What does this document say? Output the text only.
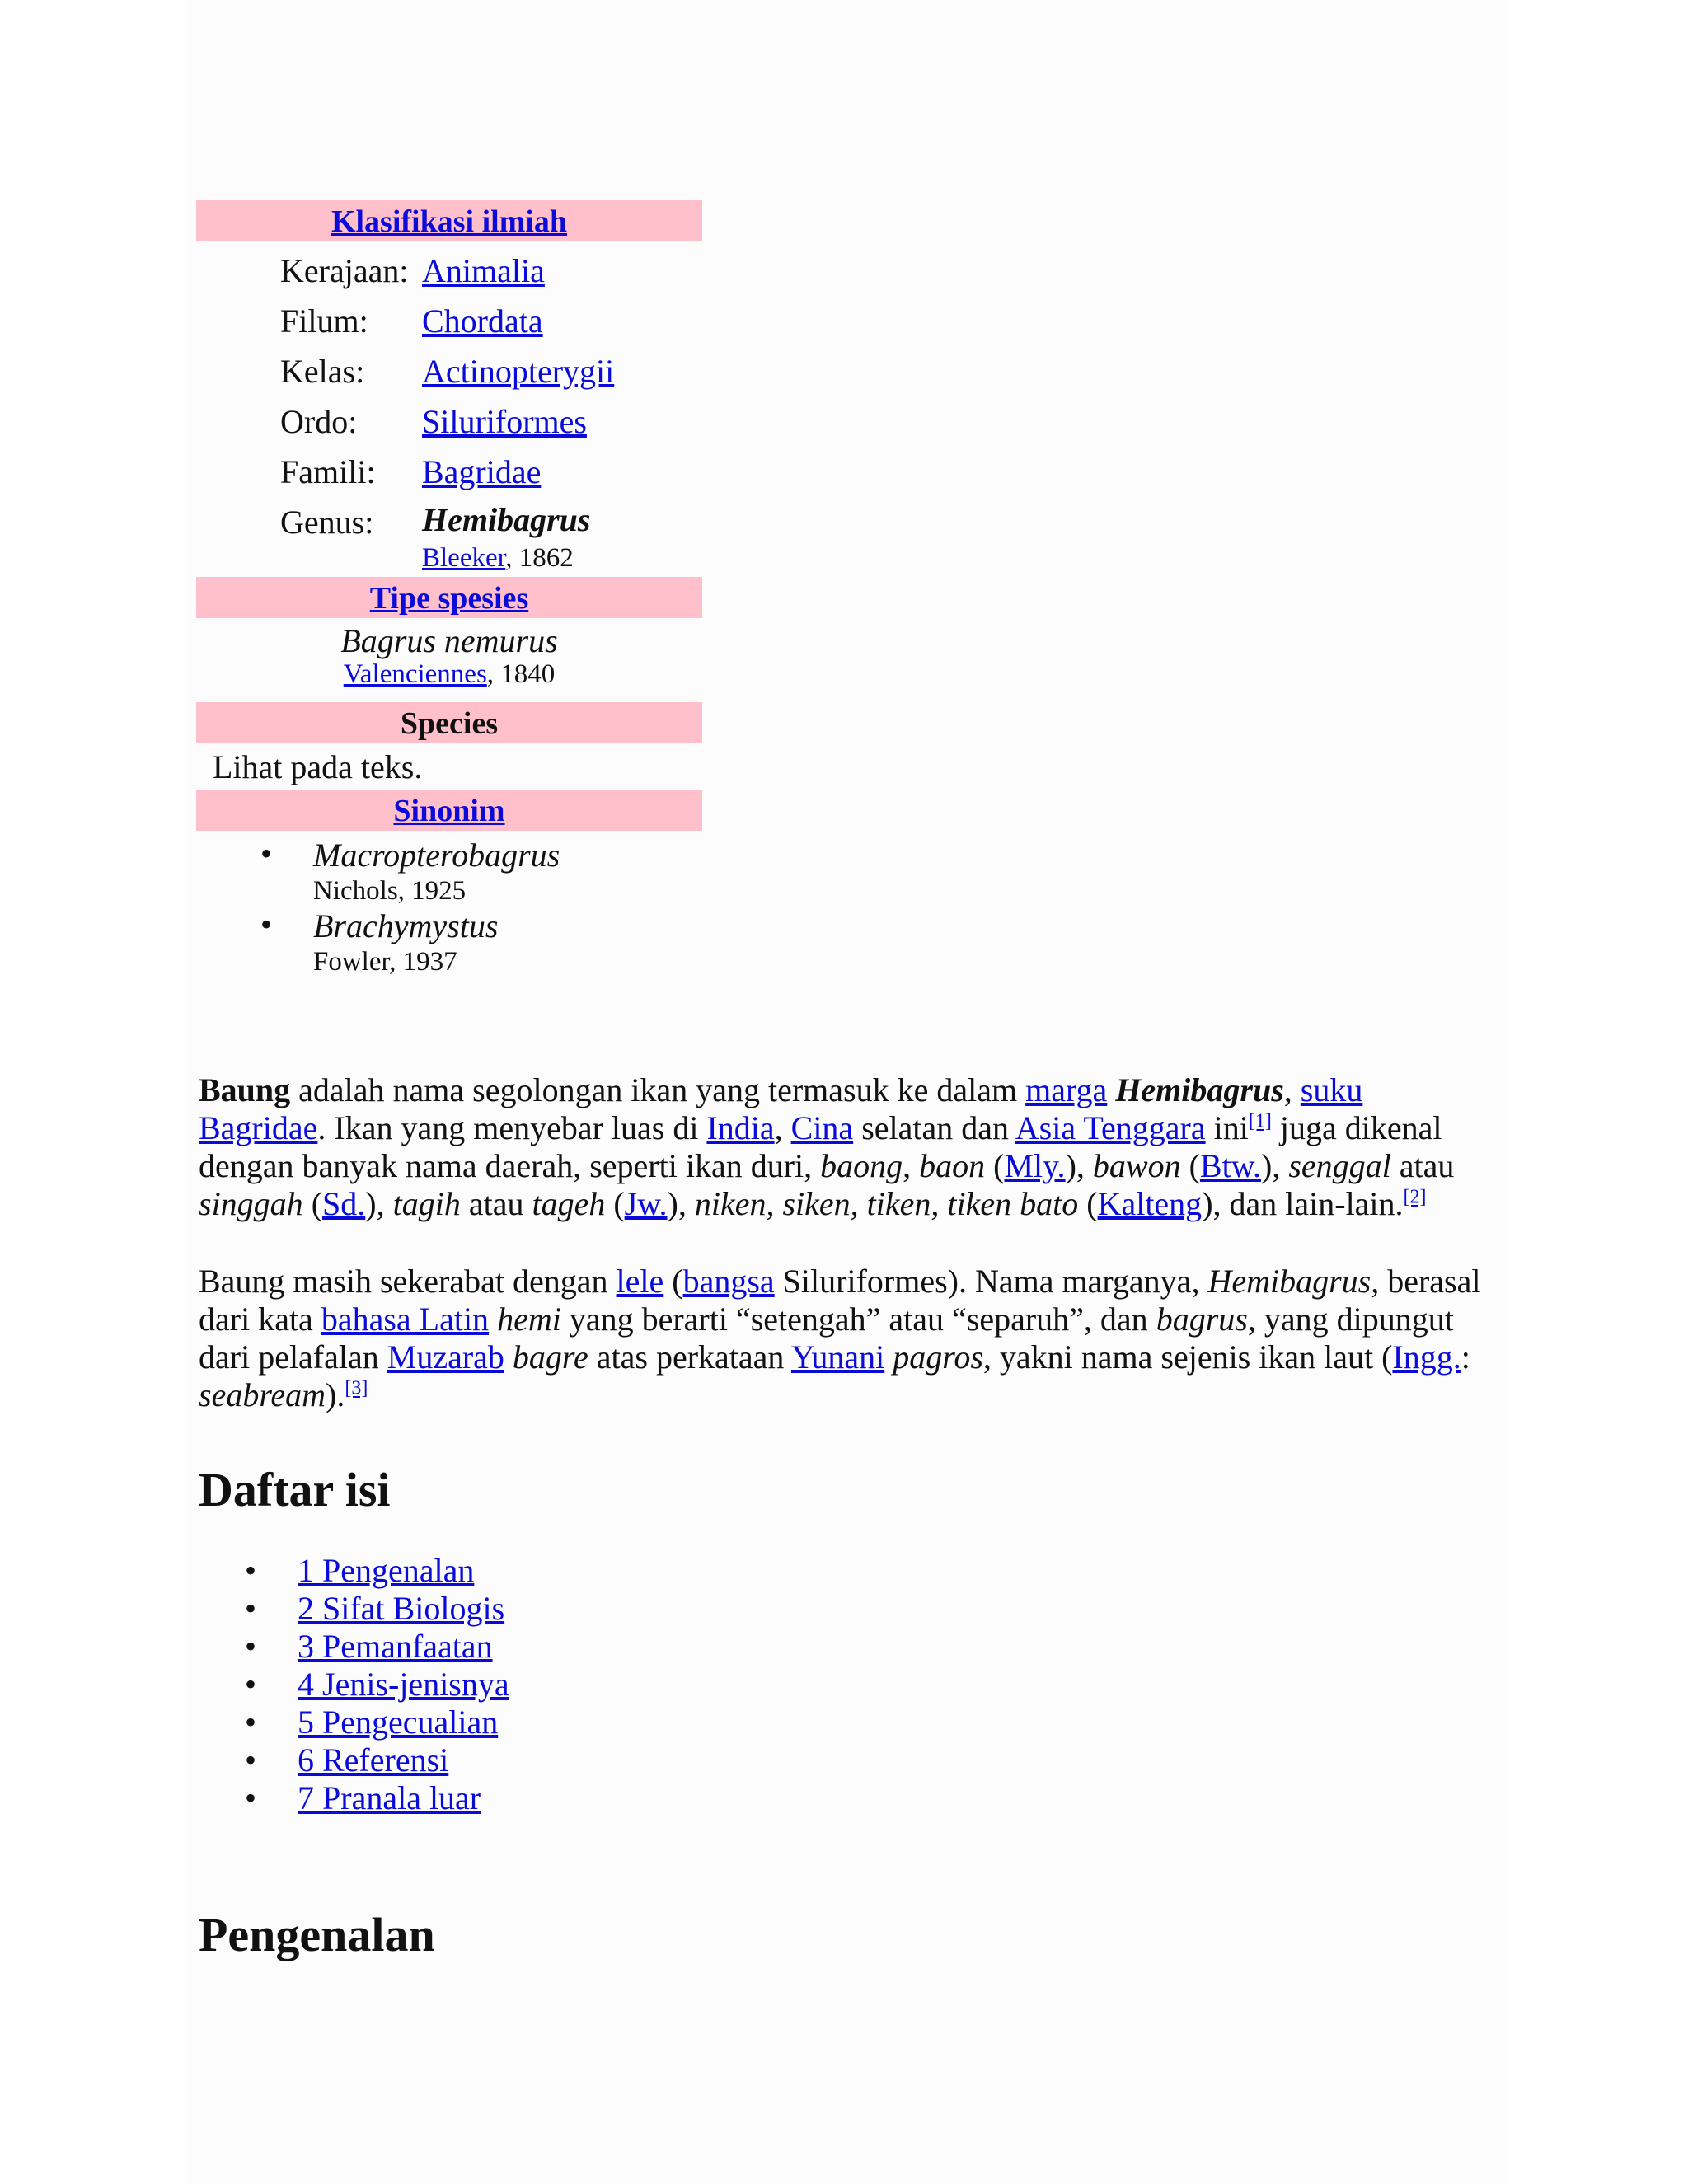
Klasifikasi ilmiah
Kerajaan: Animalia
Filum:	Chordata
Kelas:	Actinopterygii
Ordo:	Siluriformes
Famili:	Bagridae
Genus:	Hemibagrus
Bleeker, 1862
Tipe spesies
Bagrus nemurus
Valenciennes, 1840
Species
Lihat pada teks.
Sinonim
• Macropterobagrus
Nichols, 1925
• Brachymystus
Fowler, 1937

Baung adalah nama segolongan ikan yang termasuk ke dalam marga Hemibagrus, suku Bagridae. Ikan yang menyebar luas di India, Cina selatan dan Asia Tenggara ini[1] juga dikenal dengan banyak nama daerah, seperti ikan duri, baong, baon (Mly.), bawon (Btw.), senggal atau singgah (Sd.), tagih atau tageh (Jw.), niken, siken, tiken, tiken bato (Kalteng), dan lain-lain.[2]

Baung masih sekerabat dengan lele (bangsa Siluriformes). Nama marganya, Hemibagrus, berasal dari kata bahasa Latin hemi yang berarti “setengah” atau “separuh”, dan bagrus, yang dipungut dari pelafalan Muzarab bagre atas perkataan Yunani pagros, yakni nama sejenis ikan laut (Ingg.: seabream).[3]

Daftar isi
• 1 Pengenalan
• 2 Sifat Biologis
• 3 Pemanfaatan
• 4 Jenis-jenisnya
• 5 Pengecualian
• 6 Referensi
• 7 Pranala luar
Pengenalan
